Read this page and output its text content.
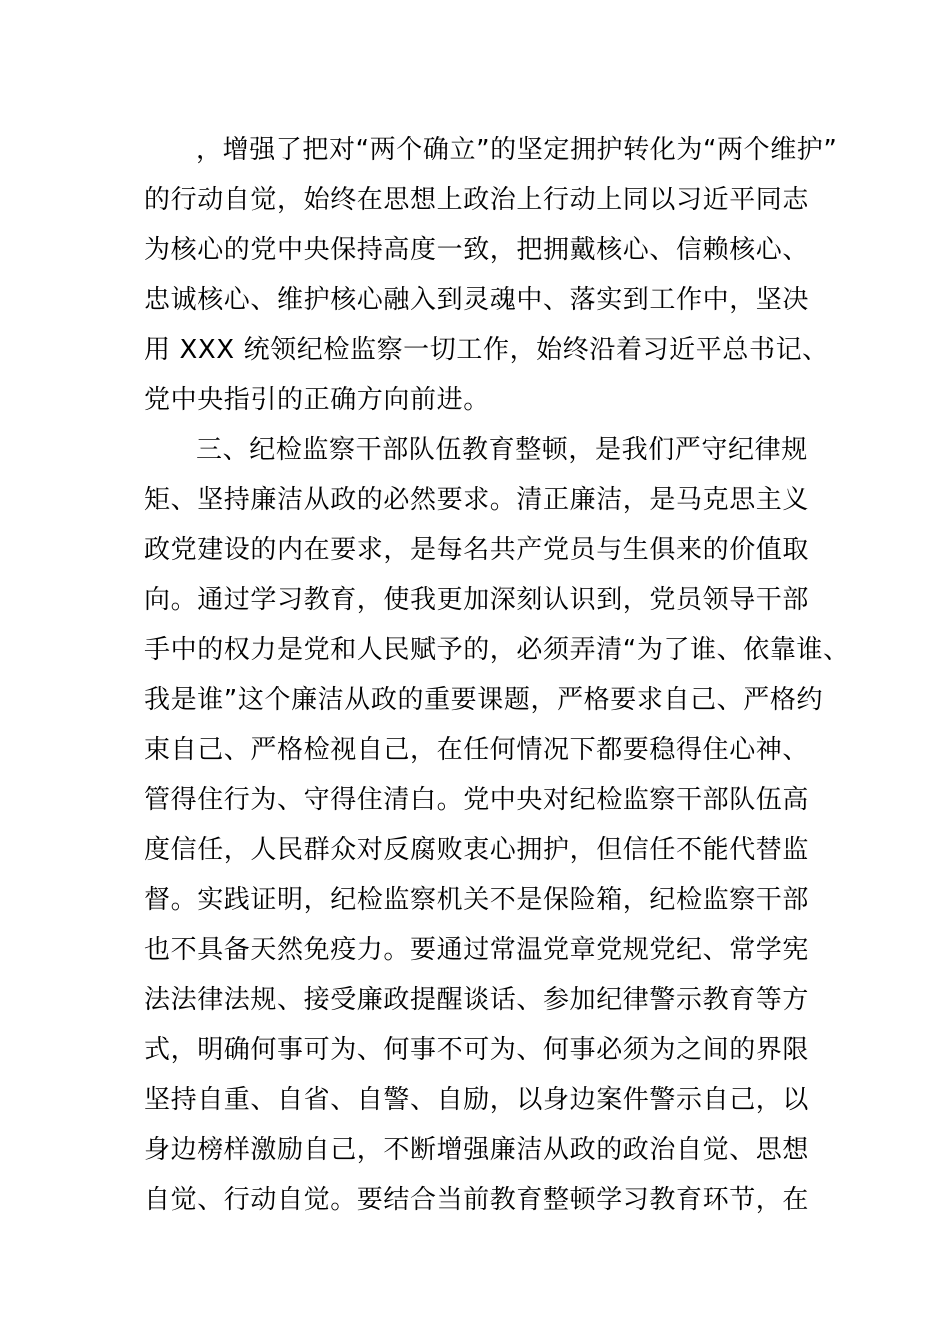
，增强了把对“两个确立”的坚定拥护转化为“两个维护”
的行动自觉，始终在思想上政治上行动上同以习近平同志
为核心的党中央保持高度一致，把拥戴核心、信赖核心、
忠诚核心、维护核心融入到灵魂中、落实到工作中，坚决
用 XXX 统领纪检监察一切工作，始终沿着习近平总书记、
党中央指引的正确方向前进。
三、纪检监察干部队伍教育整顿，是我们严守纪律规
矩、坚持廉洁从政的必然要求。清正廉洁，是马克思主义
政党建设的内在要求，是每名共产党员与生俱来的价值取
向。通过学习教育，使我更加深刻认识到，党员领导干部
手中的权力是党和人民赋予的，必须弄清“为了谁、依靠谁、
我是谁”这个廉洁从政的重要课题，严格要求自己、严格约
束自己、严格检视自己，在任何情况下都要稳得住心神、
管得住行为、守得住清白。党中央对纪检监察干部队伍高
度信任，人民群众对反腐败衷心拥护，但信任不能代替监
督。实践证明，纪检监察机关不是保险箱，纪检监察干部
也不具备天然免疫力。要通过常温党章党规党纪、常学宪
法法律法规、接受廉政提醒谈话、参加纪律警示教育等方
式，明确何事可为、何事不可为、何事必须为之间的界限
坚持自重、自省、自警、自励，以身边案件警示自己，以
身边榜样激励自己，不断增强廉洁从政的政治自觉、思想
自觉、行动自觉。要结合当前教育整顿学习教育环节，在
